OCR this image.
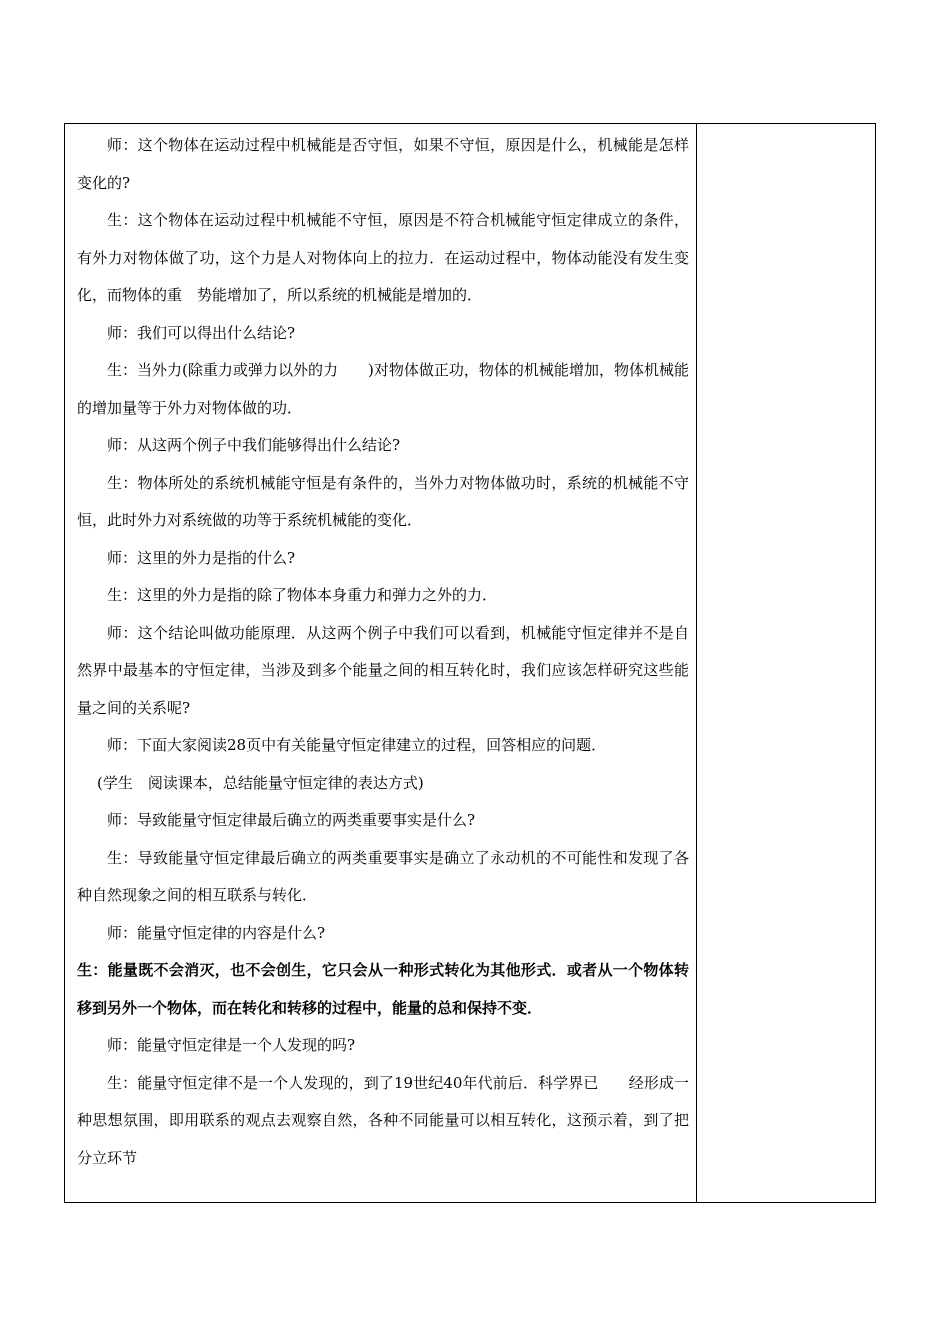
师：这个物体在运动过程中机械能是否守恒，如果不守恒，原因是什么，机械能是怎样变化的?

生：这个物体在运动过程中机械能不守恒，原因是不符合机械能守恒定律成立的条件，有外力对物体做了功，这个力是人对物体向上的拉力．在运动过程中，物体动能没有发生变化，而物体的重　势能增加了，所以系统的机械能是增加的．

师：我们可以得出什么结论?

生：当外力(除重力或弹力以外的力　　)对物体做正功，物体的机械能增加，物体机械能的增加量等于外力对物体做的功．

师：从这两个例子中我们能够得出什么结论?

生：物体所处的系统机械能守恒是有条件的，当外力对物体做功时，系统的机械能不守恒，此时外力对系统做的功等于系统机械能的变化．

师：这里的外力是指的什么?

生：这里的外力是指的除了物体本身重力和弹力之外的力．

师：这个结论叫做功能原理．从这两个例子中我们可以看到，机械能守恒定律并不是自然界中最基本的守恒定律，当涉及到多个能量之间的相互转化时，我们应该怎样研究这些能量之间的关系呢?

师：下面大家阅读28页中有关能量守恒定律建立的过程，回答相应的问题．

(学生　阅读课本，总结能量守恒定律的表达方式)

师：导致能量守恒定律最后确立的两类重要事实是什么?

生：导致能量守恒定律最后确立的两类重要事实是确立了永动机的不可能性和发现了各种自然现象之间的相互联系与转化．

师：能量守恒定律的内容是什么?

生：能量既不会消灭，也不会创生，它只会从一种形式转化为其他形式．或者从一个物体转移到另外一个物体，而在转化和转移的过程中，能量的总和保持不变．

师：能量守恒定律是一个人发现的吗?

生：能量守恒定律不是一个人发现的，到了19世纪40年代前后．科学界已　　经形成一种思想氛围，即用联系的观点去观察自然，各种不同能量可以相互转化，这预示着，到了把分立环节
